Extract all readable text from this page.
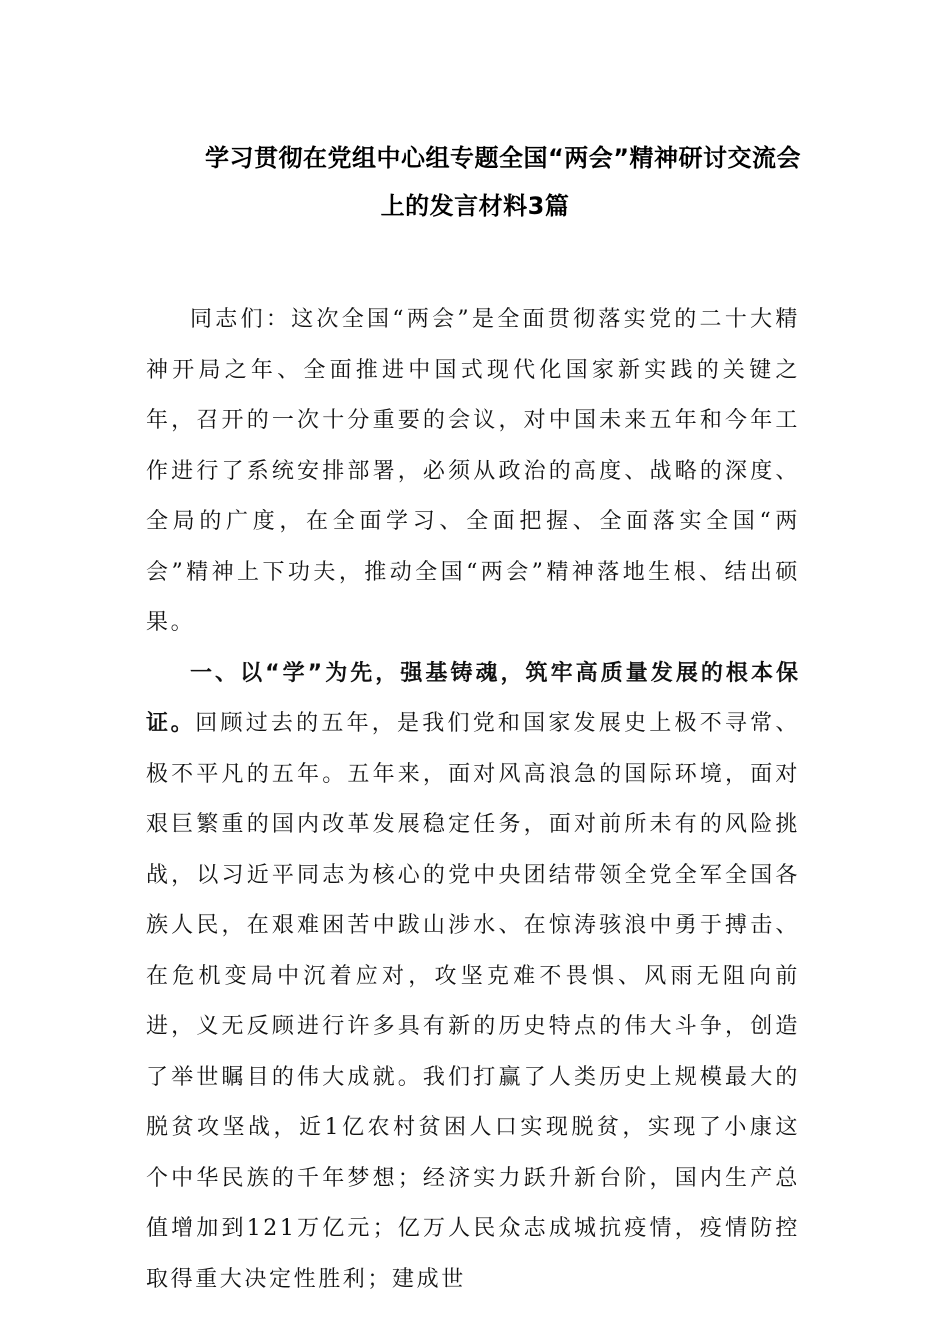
学习贯彻在党组中心组专题全国“两会”精神研讨交流会
上的发言材料3篇

同志们：这次全国“两会”是全面贯彻落实党的二十大精神开局之年、全面推进中国式现代化国家新实践的关键之年，召开的一次十分重要的会议，对中国未来五年和今年工作进行了系统安排部署，必须从政治的高度、战略的深度、全局的广度，在全面学习、全面把握、全面落实全国“两会”精神上下功夫，推动全国“两会”精神落地生根、结出硕果。

一、以“学”为先，强基铸魂，筑牢高质量发展的根本保证。回顾过去的五年，是我们党和国家发展史上极不寻常、极不平凡的五年。五年来，面对风高浪急的国际环境，面对艰巨繁重的国内改革发展稳定任务，面对前所未有的风险挑战，以习近平同志为核心的党中央团结带领全党全军全国各族人民，在艰难困苦中跋山涉水、在惊涛骇浪中勇于搏击、在危机变局中沉着应对，攻坚克难不畏惧、风雨无阻向前进，义无反顾进行许多具有新的历史特点的伟大斗争，创造了举世瞩目的伟大成就。我们打赢了人类历史上规模最大的脱贫攻坚战，近1亿农村贫困人口实现脱贫，实现了小康这个中华民族的千年梦想；经济实力跃升新台阶，国内生产总值增加到121万亿元；亿万人民众志成城抗疫情，疫情防控取得重大决定性胜利；建成世
